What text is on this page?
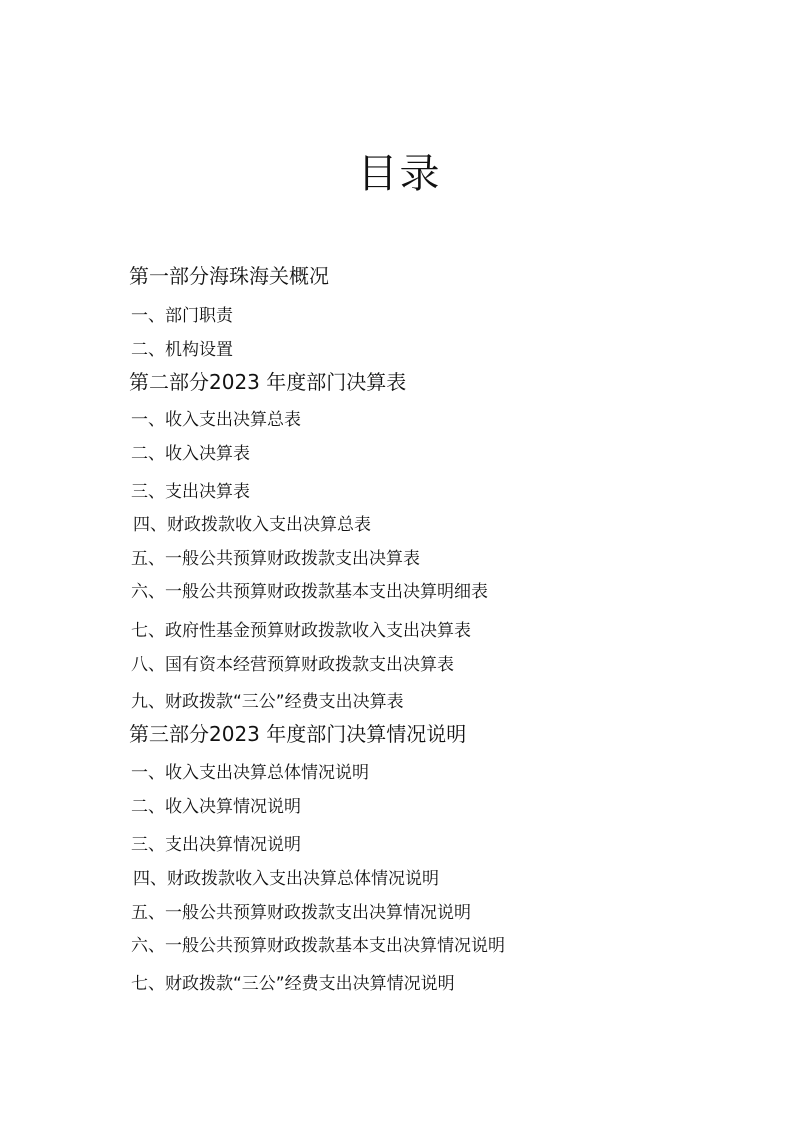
目录
第一部分海珠海关概况
一、部门职责
二、机构设置
第二部分2023 年度部门决算表
一、收入支出决算总表
二、收入决算表
三、支出决算表
四、财政拨款收入支出决算总表
五、一般公共预算财政拨款支出决算表
六、一般公共预算财政拨款基本支出决算明细表
七、政府性基金预算财政拨款收入支出决算表
八、国有资本经营预算财政拨款支出决算表
九、财政拨款“三公”经费支出决算表
第三部分2023 年度部门决算情况说明
一、收入支出决算总体情况说明
二、收入决算情况说明
三、支出决算情况说明
四、财政拨款收入支出决算总体情况说明
五、一般公共预算财政拨款支出决算情况说明
六、一般公共预算财政拨款基本支出决算情况说明
七、财政拨款“三公”经费支出决算情况说明
